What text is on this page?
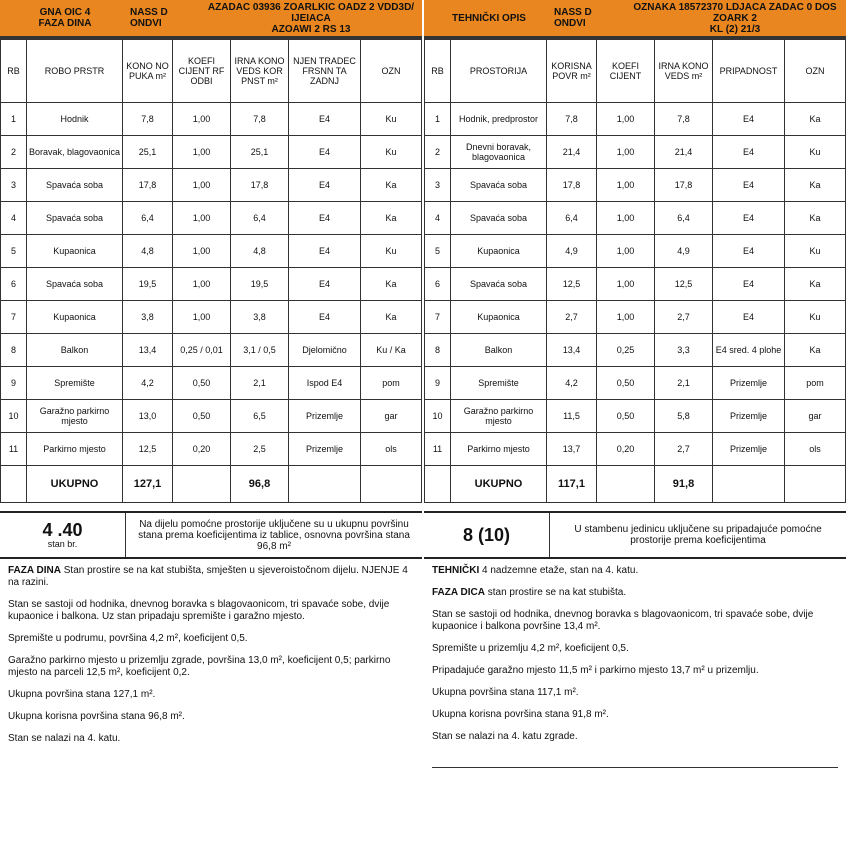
GNA OIC 4
FAZA DINA
NASS D ONDVI
AZADAC 03936 ZOARLKIC OADZ 2 VDD3D/ IJEIACA
AZOAWI 2 RS 13
RB	ROBO PRSTR	KONO NO PUKA m²	KOEFI CIJENT RF ODBI	IRNA KONO VEDS KOR PNST m²	NJEN TRADEC FRSNN TA ZADNJ	OZN
1	Hodnik	7,8	1,00	7,8	E4	Ku
2	Boravak, blagovaonica	25,1	1,00	25,1	E4	Ku
3	Spavaća soba	17,8	1,00	17,8	E4	Ka
4	Spavaća soba	6,4	1,00	6,4	E4	Ka
5	Kupaonica	4,8	1,00	4,8	E4	Ku
6	Spavaća soba	19,5	1,00	19,5	E4	Ka
7	Kupaonica	3,8	1,00	3,8	E4	Ka
8	Balkon	13,4	0,25 / 0,01	3,1 / 0,5	Djelomično	Ku / Ka
9	Spremište	4,2	0,50	2,1	Ispod E4	pom
10	Garažno parkirno mjesto	13,0	0,50	6,5	Prizemlje	gar
11	Parkirno mjesto	12,5	0,20	2,5	Prizemlje	ols
	UKUPNO	127,1		96,8		
4 .40
stan br.
Na dijelu pomoćne prostorije uključene su u ukupnu površinu stana prema koeficijentima iz tablice, osnovna površina stana 96,8 m²

FAZA DINA Stan prostire se na kat stubišta, smješten u sjeveroistočnom dijelu. NJENJE 4 na razini.

Stan se sastoji od hodnika, dnevnog boravka s blagovaonicom, tri spavaće sobe, dvije kupaonice i balkona. Uz stan pripadaju spremište i garažno mjesto.

Spremište u podrumu, površina 4,2 m², koeficijent 0,5.

Garažno parkirno mjesto u prizemlju zgrade, površina 13,0 m², koeficijent 0,5; parkirno mjesto na parceli 12,5 m², koeficijent 0,2.

Ukupna površina stana 127,1 m².

Ukupna korisna površina stana 96,8 m².

Stan se nalazi na 4. katu.

TEHNIČKI OPIS	NASS D ONDVI
OZNAKA 18572370 LDJACA ZADAC 0 DOS ZOARK 2
KL (2) 21/3
RB	PROSTORIJA	KORISNA POVR m²	KOEFI CIJENT	IRNA KONO VEDS m²	PRIPADNOST	OZN
1	Hodnik, predprostor	7,8	1,00	7,8	E4	Ka
2	Dnevni boravak, blagovaonica	21,4	1,00	21,4	E4	Ku
3	Spavaća soba	17,8	1,00	17,8	E4	Ka
4	Spavaća soba	6,4	1,00	6,4	E4	Ka
5	Kupaonica	4,9	1,00	4,9	E4	Ku
6	Spavaća soba	12,5	1,00	12,5	E4	Ka
7	Kupaonica	2,7	1,00	2,7	E4	Ku
8	Balkon	13,4	0,25	3,3	E4 sred. 4 plohe	Ka
9	Spremište	4,2	0,50	2,1	Prizemlje	pom
10	Garažno parkirno mjesto	11,5	0,50	5,8	Prizemlje	gar
11	Parkirno mjesto	13,7	0,20	2,7	Prizemlje	ols
	UKUPNO	117,1		91,8		
8 (10)	U stambenu jedinicu uključene su pripadajuće pomoćne prostorije prema koeficijentima

TEHNIČKI 4 nadzemne etaže, stan na 4. katu.

FAZA DICA stan prostire se na kat stubišta.

Stan se sastoji od hodnika, dnevnog boravka s blagovaonicom, tri spavaće sobe, dvije kupaonice i balkona površine 13,4 m².

Spremište u prizemlju 4,2 m², koeficijent 0,5.

Pripadajuće garažno mjesto 11,5 m² i parkirno mjesto 13,7 m² u prizemlju.

Ukupna površina stana 117,1 m².

Ukupna korisna površina stana 91,8 m².

Stan se nalazi na 4. katu zgrade.
